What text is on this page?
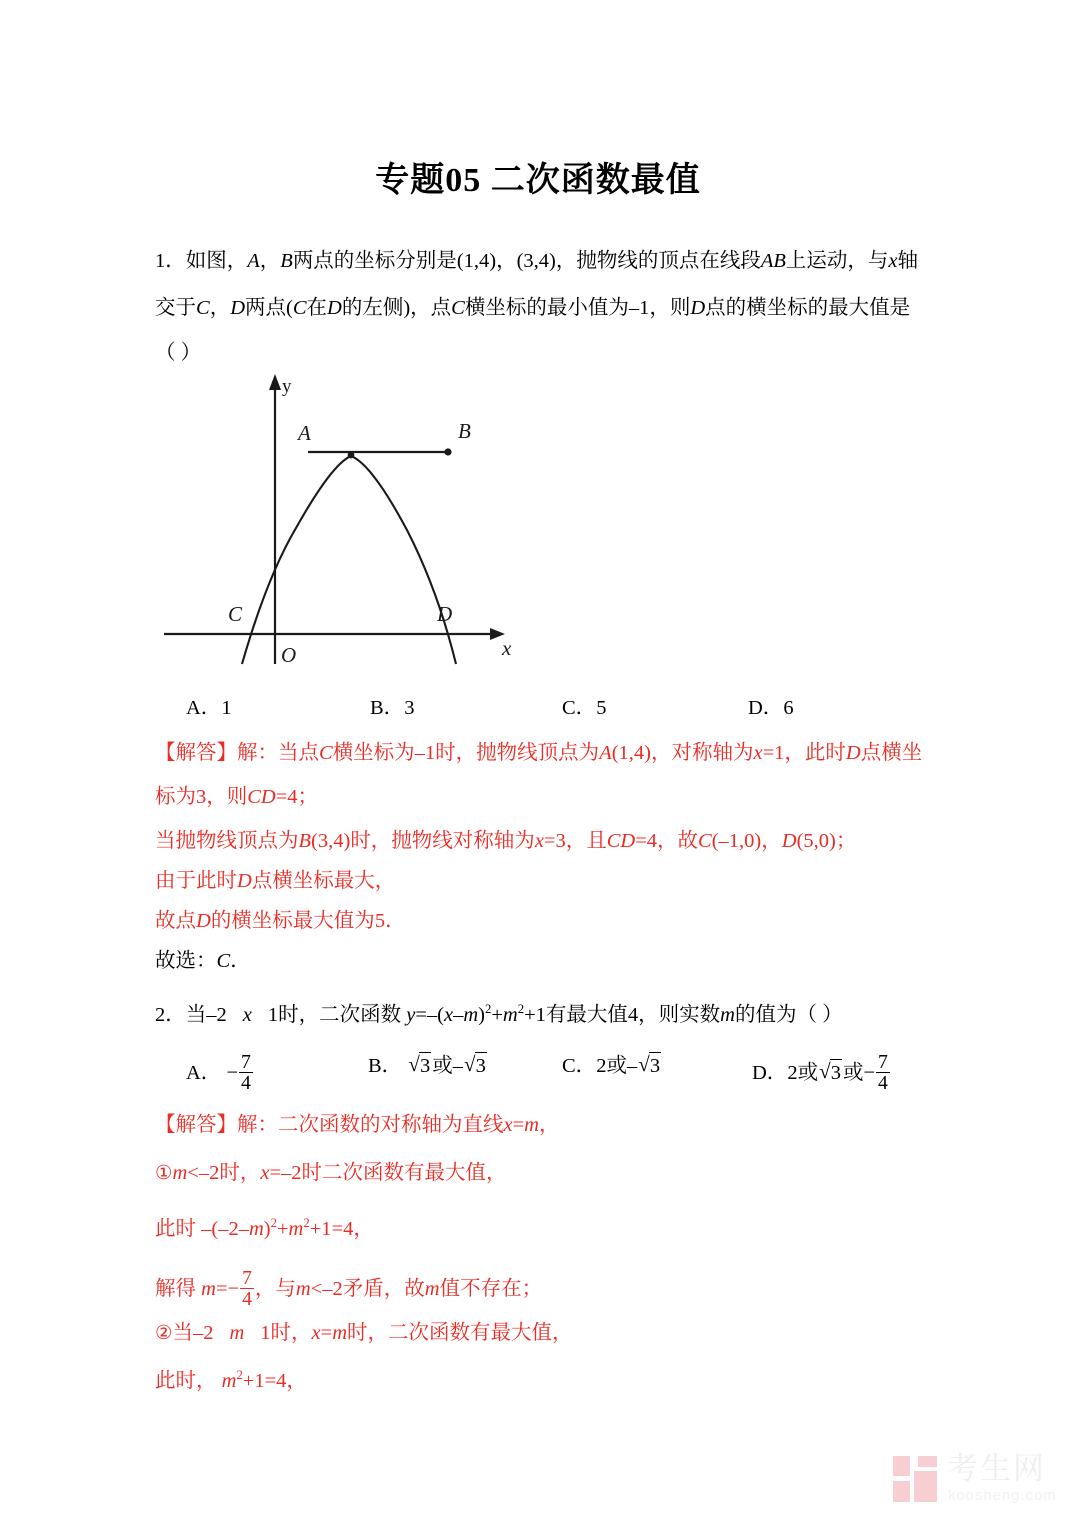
专题05 二次函数最值
1．如图，A，B两点的坐标分别是(1,4)，(3,4)，抛物线的顶点在线段AB上运动，与x轴
交于C，D两点(C在D的左侧)，点C横坐标的最小值为–1，则D点的横坐标的最大值是
（ ）
A	B
C	D
O	x
y
A．1	B．3	C．5	D．6
【解答】解：当点C横坐标为–1时，抛物线顶点为A(1,4)，对称轴为x=1，此时D点横坐
标为3，则CD=4；
当抛物线顶点为B(3,4)时，抛物线对称轴为x=3，且CD=4，故C(–1,0)，D(5,0)；
由于此时D点横坐标最大，
故点D的横坐标最大值为5．
故选：C．
2．当–2 x 1时，二次函数 $y=-(x-m)^2+m^2+1$有最大值4，则实数m的值为（ ）
A． − $\frac{7}{4}$	B． √ 3或– √ 3	C．2或– √ 3	D．2或 √ 3或− $\frac{7}{4}$
【解答】解：二次函数的对称轴为直线x=m，
①m<–2时，x=–2时二次函数有最大值，
此时 $-(-2-m)^2+m^2+1=4$，
解得 $m=- \frac{7}{4}$ ，与m<–2矛盾，故m值不存在；
②当–2 m 1时，x=m时，二次函数有最大值，
此时， $m^2+1=4$，
考生网
koosheng.com
